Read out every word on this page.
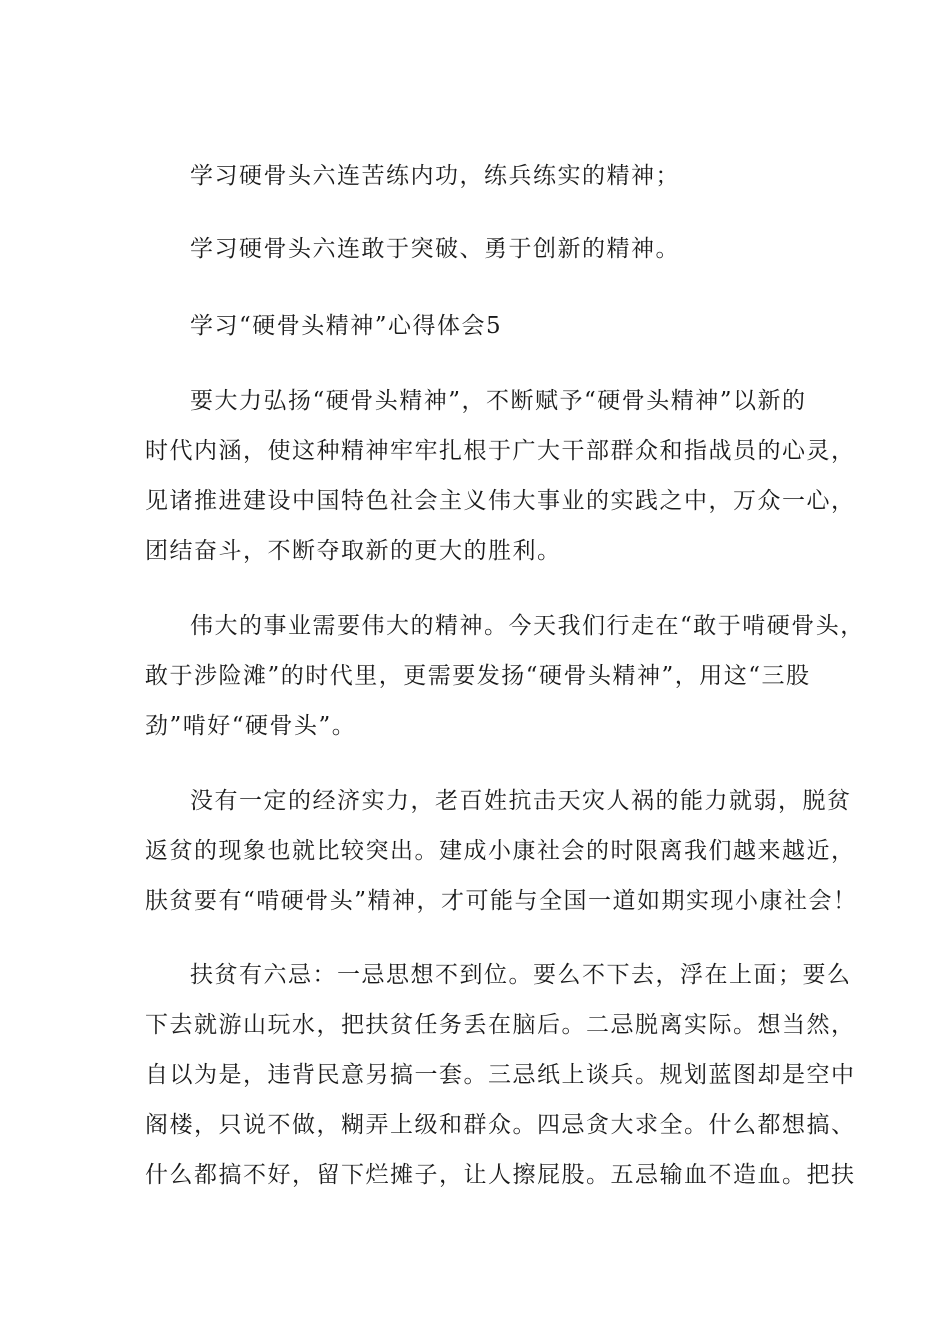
学习硬骨头六连苦练内功，练兵练实的精神；
学习硬骨头六连敢于突破、勇于创新的精神。
学习“硬骨头精神”心得体会5
要大力弘扬“硬骨头精神”，不断赋予“硬骨头精神”以新的
时代内涵，使这种精神牢牢扎根于广大干部群众和指战员的心灵，
见诸推进建设中国特色社会主义伟大事业的实践之中，万众一心，
团结奋斗，不断夺取新的更大的胜利。
伟大的事业需要伟大的精神。今天我们行走在“敢于啃硬骨头，
敢于涉险滩”的时代里，更需要发扬“硬骨头精神”，用这“三股
劲”啃好“硬骨头”。
没有一定的经济实力，老百姓抗击天灾人祸的能力就弱，脱贫
返贫的现象也就比较突出。建成小康社会的时限离我们越来越近，
肤贫要有“啃硬骨头”精神，才可能与全国一道如期实现小康社会！
扶贫有六忌：一忌思想不到位。要么不下去，浮在上面；要么
下去就游山玩水，把扶贫任务丢在脑后。二忌脱离实际。想当然，
自以为是，违背民意另搞一套。三忌纸上谈兵。规划蓝图却是空中
阁楼，只说不做，糊弄上级和群众。四忌贪大求全。什么都想搞、
什么都搞不好，留下烂摊子，让人擦屁股。五忌输血不造血。把扶
